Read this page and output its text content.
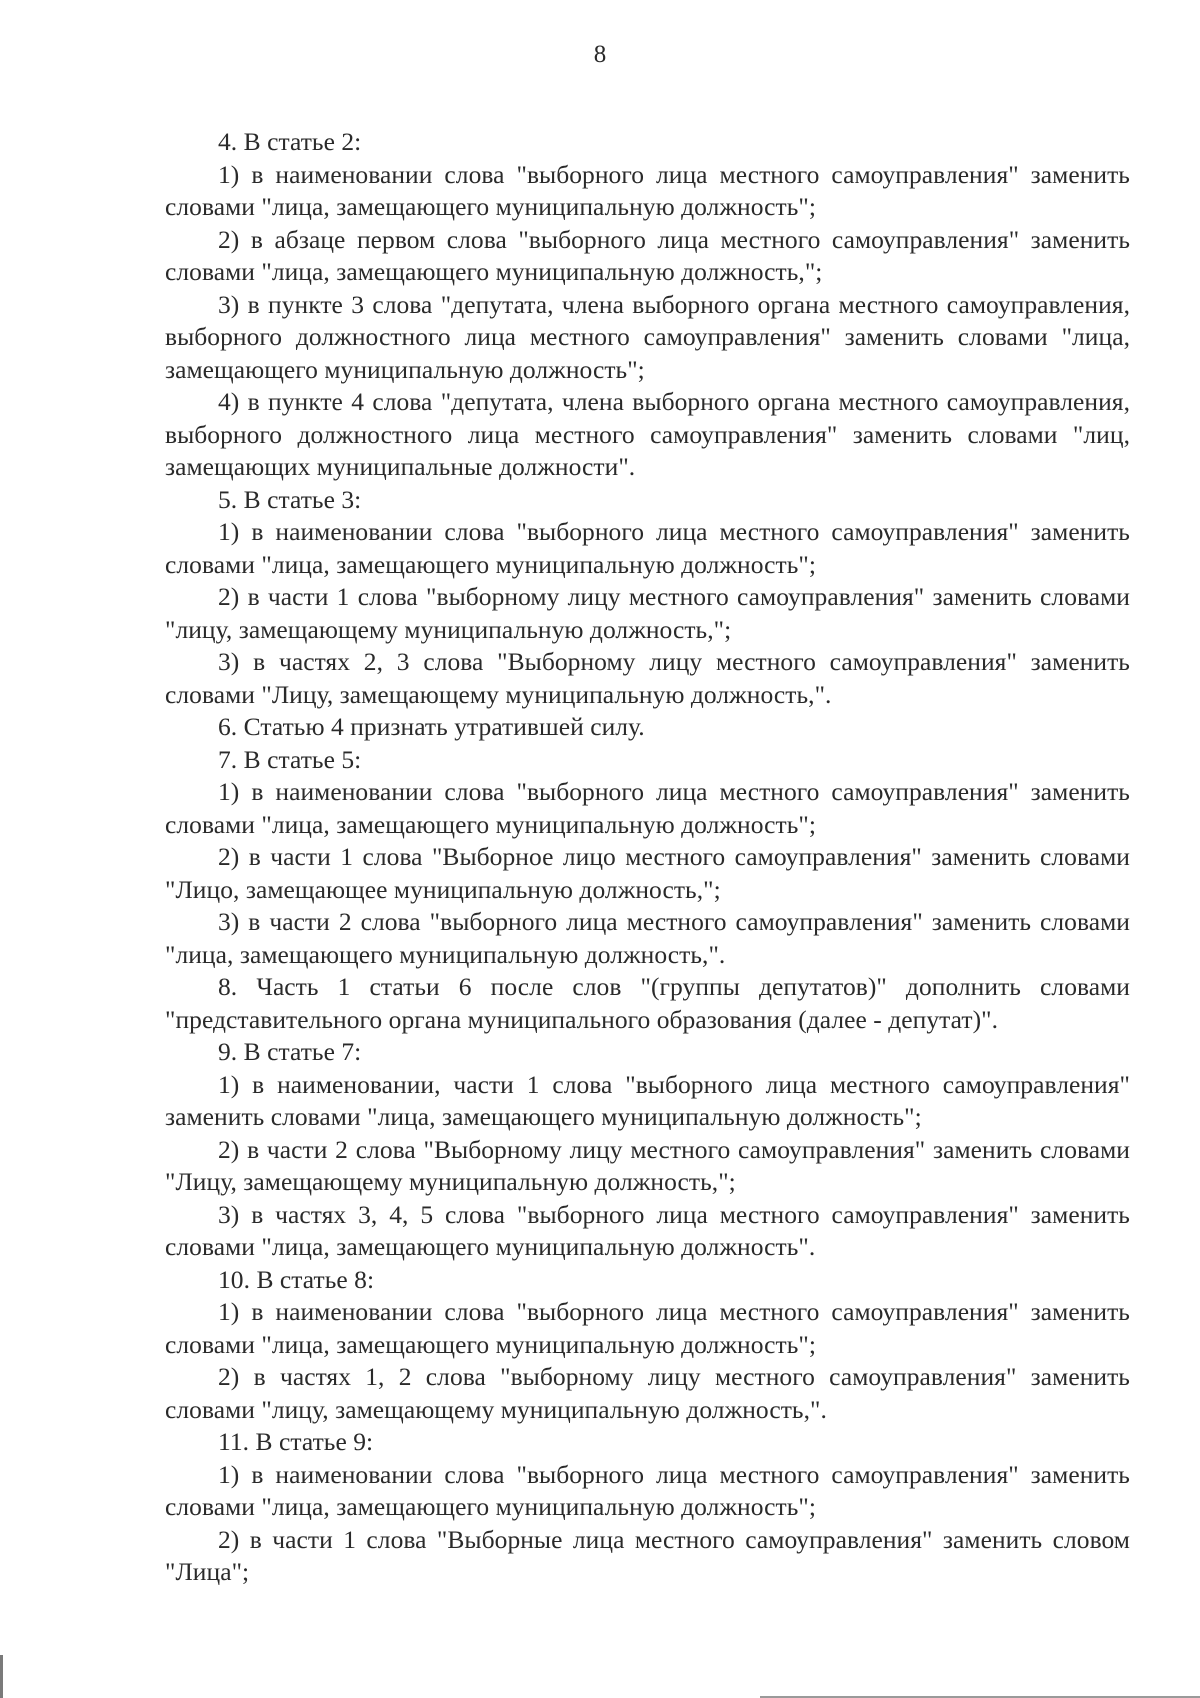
8

4. В статье 2:

1) в наименовании слова "выборного лица местного самоуправления" заменить словами "лица, замещающего муниципальную должность";

2) в абзаце первом слова "выборного лица местного самоуправления" заменить словами "лица, замещающего муниципальную должность,";

3) в пункте 3 слова "депутата, члена выборного органа местного самоуправления, выборного должностного лица местного самоуправления" заменить словами "лица, замещающего муниципальную должность";

4) в пункте 4 слова "депутата, члена выборного органа местного самоуправления, выборного должностного лица местного самоуправления" заменить словами "лиц, замещающих муниципальные должности".

5. В статье 3:

1) в наименовании слова "выборного лица местного самоуправления" заменить словами "лица, замещающего муниципальную должность";

2) в части 1 слова "выборному лицу местного самоуправления" заменить словами "лицу, замещающему муниципальную должность,";

3) в частях 2, 3 слова "Выборному лицу местного самоуправления" заменить словами "Лицу, замещающему муниципальную должность,".

6. Статью 4 признать утратившей силу.

7. В статье 5:

1) в наименовании слова "выборного лица местного самоуправления" заменить словами "лица, замещающего муниципальную должность";

2) в части 1 слова "Выборное лицо местного самоуправления" заменить словами "Лицо, замещающее муниципальную должность,";

3) в части 2 слова "выборного лица местного самоуправления" заменить словами "лица, замещающего муниципальную должность,".

8. Часть 1 статьи 6 после слов "(группы депутатов)" дополнить словами "представительного органа муниципального образования (далее - депутат)".

9. В статье 7:

1) в наименовании, части 1 слова "выборного лица местного самоуправления" заменить словами "лица, замещающего муниципальную должность";

2) в части 2 слова "Выборному лицу местного самоуправления" заменить словами "Лицу, замещающему муниципальную должность,";

3) в частях 3, 4, 5 слова "выборного лица местного самоуправления" заменить словами "лица, замещающего муниципальную должность".

10. В статье 8:

1) в наименовании слова "выборного лица местного самоуправления" заменить словами "лица, замещающего муниципальную должность";

2) в частях 1, 2 слова "выборному лицу местного самоуправления" заменить словами "лицу, замещающему муниципальную должность,".

11. В статье 9:

1) в наименовании слова "выборного лица местного самоуправления" заменить словами "лица, замещающего муниципальную должность";

2) в части 1 слова "Выборные лица местного самоуправления" заменить словом "Лица";
